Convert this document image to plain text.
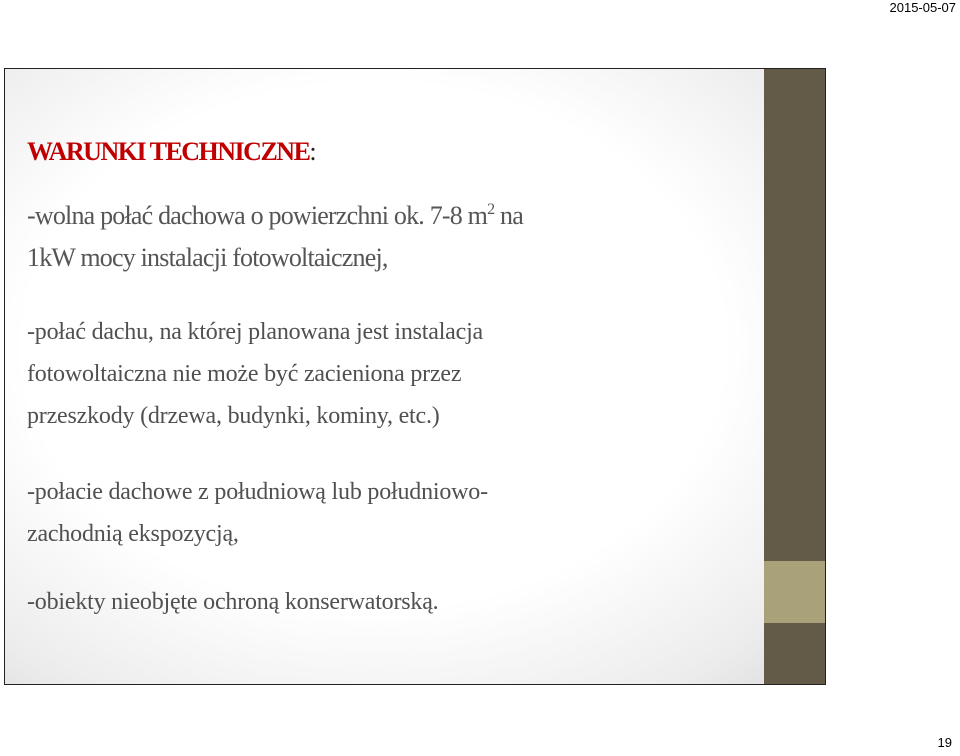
2015-05-07
WARUNKI TECHNICZNE:

-wolna połać dachowa o powierzchni ok. 7-8 $m^2$ na
1kW mocy instalacji fotowoltaicznej,

-połać dachu, na której planowana jest instalacja
fotowoltaiczna nie może być zacieniona przez
przeszkody (drzewa, budynki, kominy, etc.)

-połacie dachowe z południową lub południowo-
zachodnią ekspozycją,

-obiekty nieobjęte ochroną konserwatorską.

19
